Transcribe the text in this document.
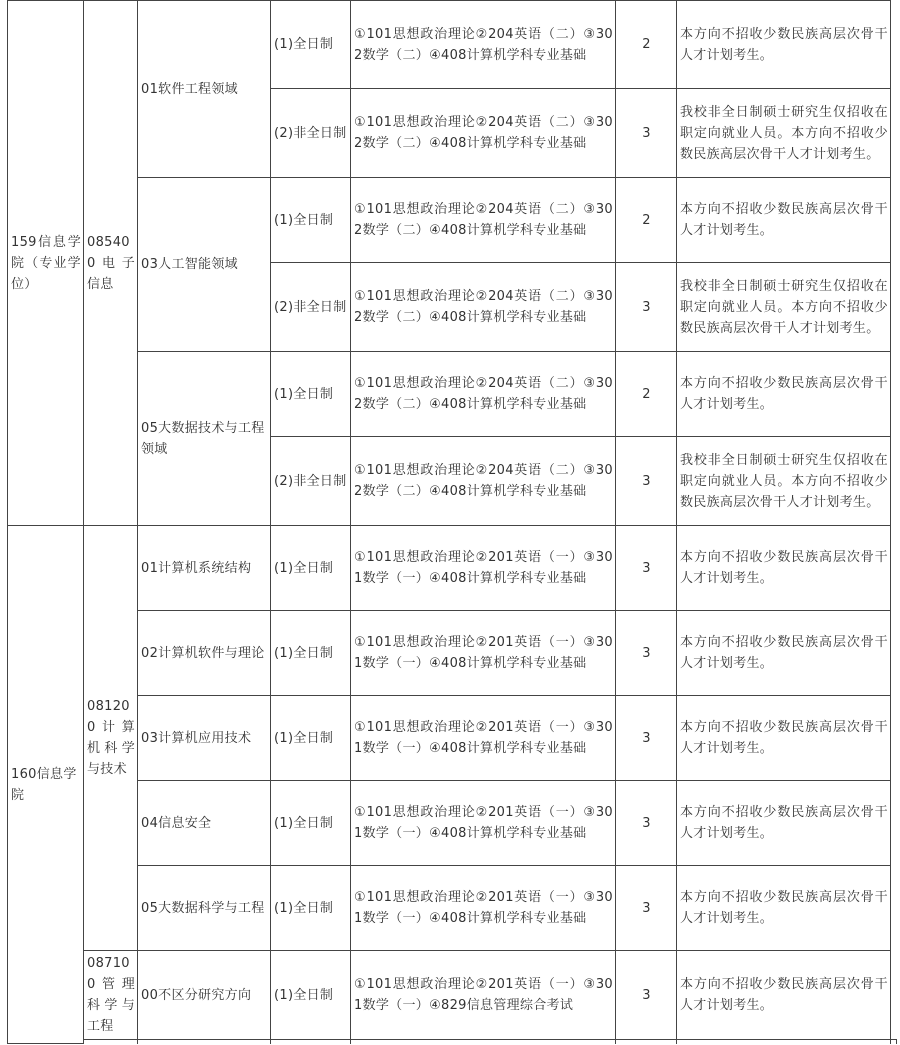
159信息学院（专业学位）	085400电子信息	01软件工程领域	(1)全日制	①101思想政治理论②204英语（二）③302数学（二）④408计算机学科专业基础	2	本方向不招收少数民族高层次骨干人才计划考生。	
			(2)非全日制	①101思想政治理论②204英语（二）③302数学（二）④408计算机学科专业基础	3	我校非全日制硕士研究生仅招收在职定向就业人员。本方向不招收少数民族高层次骨干人才计划考生。	
		03人工智能领域	(1)全日制	①101思想政治理论②204英语（二）③302数学（二）④408计算机学科专业基础	2	本方向不招收少数民族高层次骨干人才计划考生。	
			(2)非全日制	①101思想政治理论②204英语（二）③302数学（二）④408计算机学科专业基础	3	我校非全日制硕士研究生仅招收在职定向就业人员。本方向不招收少数民族高层次骨干人才计划考生。	
		05大数据技术与工程领域	(1)全日制	①101思想政治理论②204英语（二）③302数学（二）④408计算机学科专业基础	2	本方向不招收少数民族高层次骨干人才计划考生。	
			(2)非全日制	①101思想政治理论②204英语（二）③302数学（二）④408计算机学科专业基础	3	我校非全日制硕士研究生仅招收在职定向就业人员。本方向不招收少数民族高层次骨干人才计划考生。	
160信息学院	081200计算机科学与技术	01计算机系统结构	(1)全日制	①101思想政治理论②201英语（一）③301数学（一）④408计算机学科专业基础	3	本方向不招收少数民族高层次骨干人才计划考生。	
		02计算机软件与理论	(1)全日制	①101思想政治理论②201英语（一）③301数学（一）④408计算机学科专业基础	3	本方向不招收少数民族高层次骨干人才计划考生。	
		03计算机应用技术	(1)全日制	①101思想政治理论②201英语（一）③301数学（一）④408计算机学科专业基础	3	本方向不招收少数民族高层次骨干人才计划考生。	
		04信息安全	(1)全日制	①101思想政治理论②201英语（一）③301数学（一）④408计算机学科专业基础	3	本方向不招收少数民族高层次骨干人才计划考生。	
		05大数据科学与工程	(1)全日制	①101思想政治理论②201英语（一）③301数学（一）④408计算机学科专业基础	3	本方向不招收少数民族高层次骨干人才计划考生。	
	087100管理科学与工程	00不区分研究方向	(1)全日制	①101思想政治理论②201英语（一）③301数学（一）④829信息管理综合考试	3	本方向不招收少数民族高层次骨干人才计划考生。	
